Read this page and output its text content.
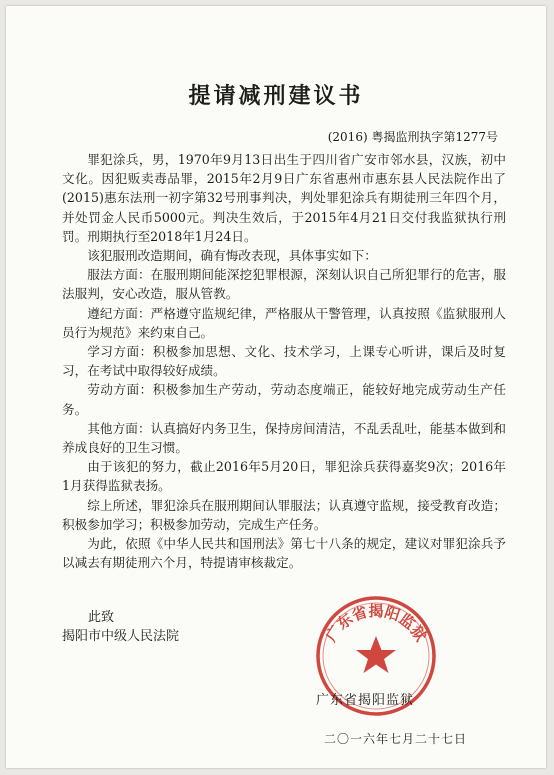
提请减刑建议书
(2016) 粤揭监刑执字第1277号

罪犯涂兵，男，1970年9月13日出生于四川省广安市邻水县，汉族，初中文化。因犯贩卖毒品罪，2015年2月9日广东省惠州市惠东县人民法院作出了(2015)惠东法刑一初字第32号刑事判决，判处罪犯涂兵有期徒刑三年四个月，并处罚金人民币5000元。判决生效后，于2015年4月21日交付我监狱执行刑罚。刑期执行至2018年1月24日。

该犯服刑改造期间，确有悔改表现，具体事实如下：

服法方面：在服刑期间能深挖犯罪根源，深刻认识自己所犯罪行的危害，服法服判，安心改造，服从管教。

遵纪方面：严格遵守监规纪律，严格服从干警管理，认真按照《监狱服刑人员行为规范》来约束自己。

学习方面：积极参加思想、文化、技术学习，上课专心听讲，课后及时复习，在考试中取得较好成绩。

劳动方面：积极参加生产劳动，劳动态度端正，能较好地完成劳动生产任务。

其他方面：认真搞好内务卫生，保持房间清洁，不乱丢乱吐，能基本做到和养成良好的卫生习惯。

由于该犯的努力，截止2016年5月20日，罪犯涂兵获得嘉奖9次；2016年1月获得监狱表扬。

综上所述，罪犯涂兵在服刑期间认罪服法；认真遵守监规，接受教育改造；积极参加学习；积极参加劳动，完成生产任务。

为此，依照《中华人民共和国刑法》第七十八条的规定，建议对罪犯涂兵予以减去有期徒刑六个月，特提请审核裁定。

此致
揭阳市中级人民法院	广东省揭阳监狱
广东省揭阳监狱
二〇一六年七月二十七日
